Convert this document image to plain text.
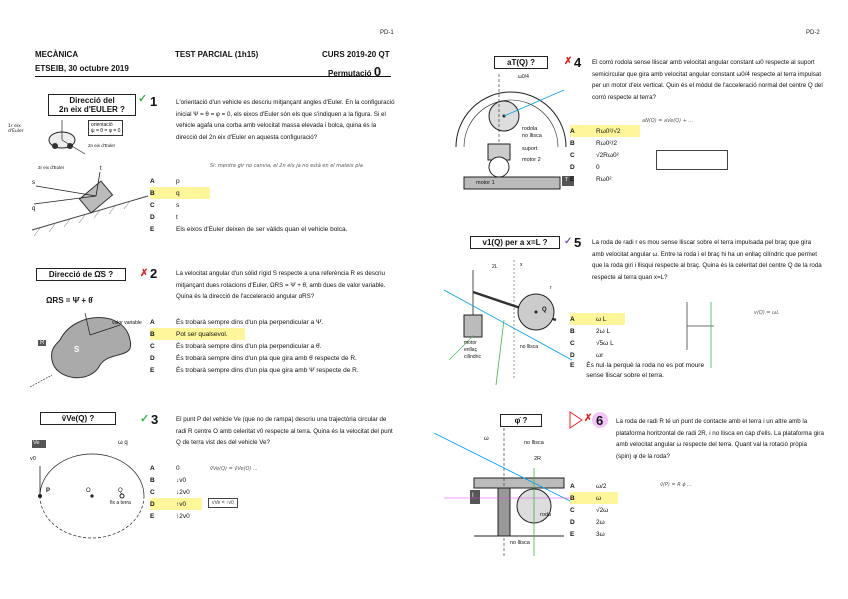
PD-1
MECÀNICA
ETSEIB, 30 octubre 2019
TEST PARCIAL (1h15)	CURS 2019-20 QT
Permutació 0
Direcció del
2n eix d'EULER ?
s
q
t
1r eix d'Euler
orientació
ψ = θ = φ = 0
3r eix d'Euler
2n eix d'Euler
✓ 1	L'orientació d'un vehicle es descriu mitjançant angles d'Euler. En la configuració inicial Ψ = θ = φ = 0, els eixos d'Euler són els que s'indiquen a la figura. Si el vehicle agafa una corba amb velocitat massa elevada i bolca, quina és la direcció del 2n eix d'Euler en aquesta configuració?
Si: mentre gir no canvia, el 2n eix ja no està en el mateix pla
A	p
B	q
C	s
D	t
E	Els eixos d'Euler deixen de ser vàlids quan el vehicle bolca.
Direcció de Ω̇S ?
ΩRS = Ψ̇ + θ̇
valor variable
S
R
✗ 2	La velocitat angular d'un sòlid rígid S respecte a una referència R es descriu mitjançant dues rotacions d'Euler, ΩRS = Ψ̇ + θ̇, amb dues de valor variable. Quina és la direcció de l'acceleració angular α̇RS?
A	És trobarà sempre dins d'un pla perpendicular a Ψ̇.
B	Pot ser qualsevol.
C	És trobarà sempre dins d'un pla perpendicular a θ̇.
D	És trobarà sempre dins d'un pla que gira amb θ̇ respecte de R.
E	És trobarà sempre dins d'un pla que gira amb Ψ̇ respecte de R.
v̄Ve(Q) ?
Ve
v0
ω q
P	O	Q
fix a terra
✓ 3	El punt P del vehicle Ve (que no de rampa) descriu una trajectòria circular de radi R centre O amb celeritat v0 respecte al terra. Quina és la velocitat del punt Q de terra vist des del vehicle Ve?
v̄Ve(Q) = v̄Ve(O) ...
vVe = ↑v0
A	0
B	↓v0
C	↓2v0
D	↑v0
E	↑2v0
PD-2
aT(Q) ?
ω0/4
rodola
no llisca
suport
motor 2
motor 1	T
✗ 4 El corró rodola sense lliscar amb velocitat angular constant ω0 respecte al suport semicircular que gira amb velocitat angular constant ω0/4 respecte al terra impulsat per un motor d'eix vertical. Quin és el mòdul de l'acceleració normal del centre Q del corró respecte al terra?
aN(Q) = aVe(Q) + ...
A	Rω0²/√2
B	Rω0²/2
C	√2Rω0²
D	0
E	Rω0²
v1(Q) per a x=L ?
2L	x
r
Q
motor
enllaç
cilíndric
no llisca
✓ 5 La roda de radi r es mou sense lliscar sobre el terra impulsada pel braç que gira amb velocitat angular ω. Entre la roda i el braç hi ha un enllaç cilíndric que permet que la roda giri i llisqui respecte al braç. Quina és la celeritat del centre Q de la roda respecte al terra quan x=L?
v(Q) = ωL
A	ω L
B	2ω L
C	√5ω L
D	ωr
E	És nul·la perquè la roda no es pot moure sense lliscar sobre el terra.
φ̇ ?
ω
no llisca
2R
I
roda
no llisca
✗ 6 La roda de radi R té un punt de contacte amb el terra i un altre amb la plataforma horitzontal de radi 2R, i no llisca en cap d'ells. La plataforma gira amb velocitat angular ω respecte del terra. Quant val la rotació pròpia (spin) φ̇ de la roda?
v̄(P) = R φ̇ ...
A	ω/2
B	ω
C	√2ω
D	2ω
E	3ω
